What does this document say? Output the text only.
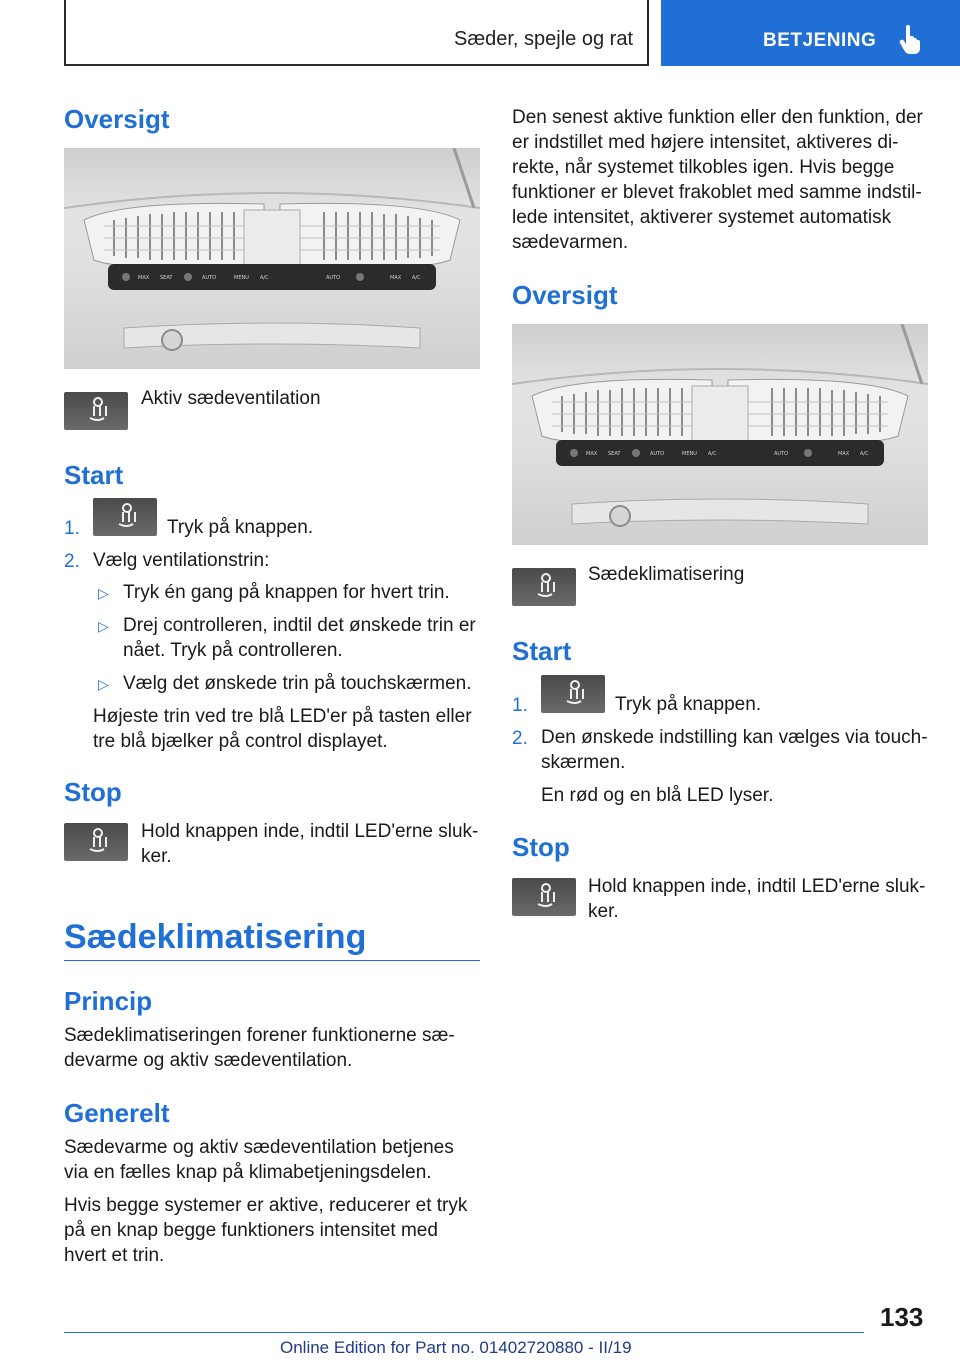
Sæder, spejle og rat	BETJENING
Oversigt
MAX SEAT	AUTO	MENU A/C	AUTO	MAX A/C
Aktiv sædeventilation
Start
1.	Tryk på knappen.
2. Vælg ventilationstrin:
▷ Tryk én gang på knappen for hvert trin.
▷ Drej controlleren, indtil det ønskede trin er
nået. Tryk på controlleren.
▷ Vælg det ønskede trin på touchskærmen.
Højeste trin ved tre blå LED'er på tasten eller
tre blå bjælker på control displayet.
Stop
Hold knappen inde, indtil LED'erne sluk-
ker.
Sædeklimatisering
Princip
Sædeklimatiseringen forener funktionerne sæ-
devarme og aktiv sædeventilation.
Generelt
Sædevarme og aktiv sædeventilation betjenes
via en fælles knap på klimabetjeningsdelen.
Hvis begge systemer er aktive, reducerer et tryk
på en knap begge funktioners intensitet med
hvert et trin.
Den senest aktive funktion eller den funktion, der
er indstillet med højere intensitet, aktiveres di-
rekte, når systemet tilkobles igen. Hvis begge
funktioner er blevet frakoblet med samme indstil-
lede intensitet, aktiverer systemet automatisk
sædevarmen.
Oversigt
MAX SEAT	AUTO	MENU A/C	AUTO	MAX A/C
Sædeklimatisering
Start
1.	Tryk på knappen.
2. Den ønskede indstilling kan vælges via touch-
skærmen.
En rød og en blå LED lyser.
Stop
Hold knappen inde, indtil LED'erne sluk-
ker.
133
Online Edition for Part no. 01402720880 - II/19
